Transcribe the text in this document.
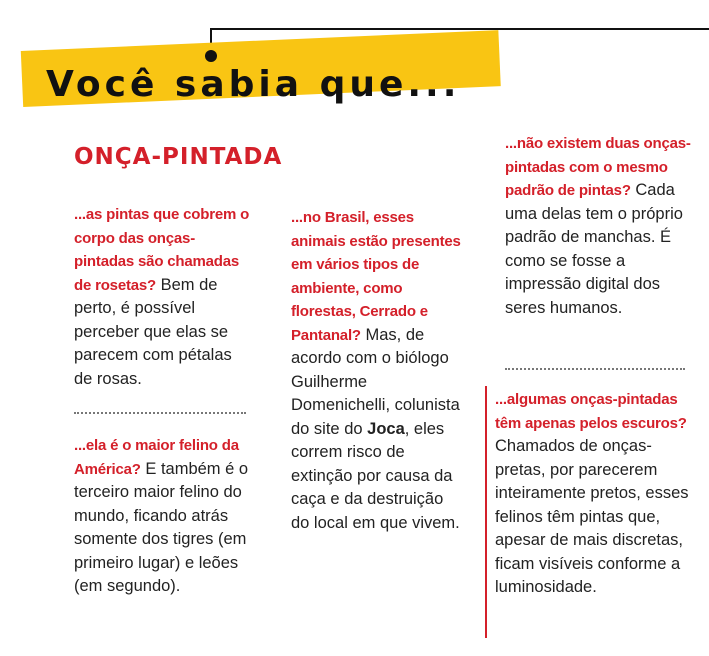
Você sabia que...
ONÇA-PINTADA
...as pintas que cobrem o corpo das onças-pintadas são chamadas de rosetas? Bem de perto, é possível perceber que elas se parecem com pétalas de rosas.
...ela é o maior felino da América? E também é o terceiro maior felino do mundo, ficando atrás somente dos tigres (em primeiro lugar) e leões (em segundo).
...no Brasil, esses animais estão presentes em vários tipos de ambiente, como florestas, Cerrado e Pantanal? Mas, de acordo com o biólogo Guilherme Domenichelli, colunista do site do Joca, eles correm risco de extinção por causa da caça e da destruição do local em que vivem.
...não existem duas onças-pintadas com o mesmo padrão de pintas? Cada uma delas tem o próprio padrão de manchas. É como se fosse a impressão digital dos seres humanos.
...algumas onças-pintadas têm apenas pelos escuros? Chamados de onças-pretas, por parecerem inteiramente pretos, esses felinos têm pintas que, apesar de mais discretas, ficam visíveis conforme a luminosidade.
